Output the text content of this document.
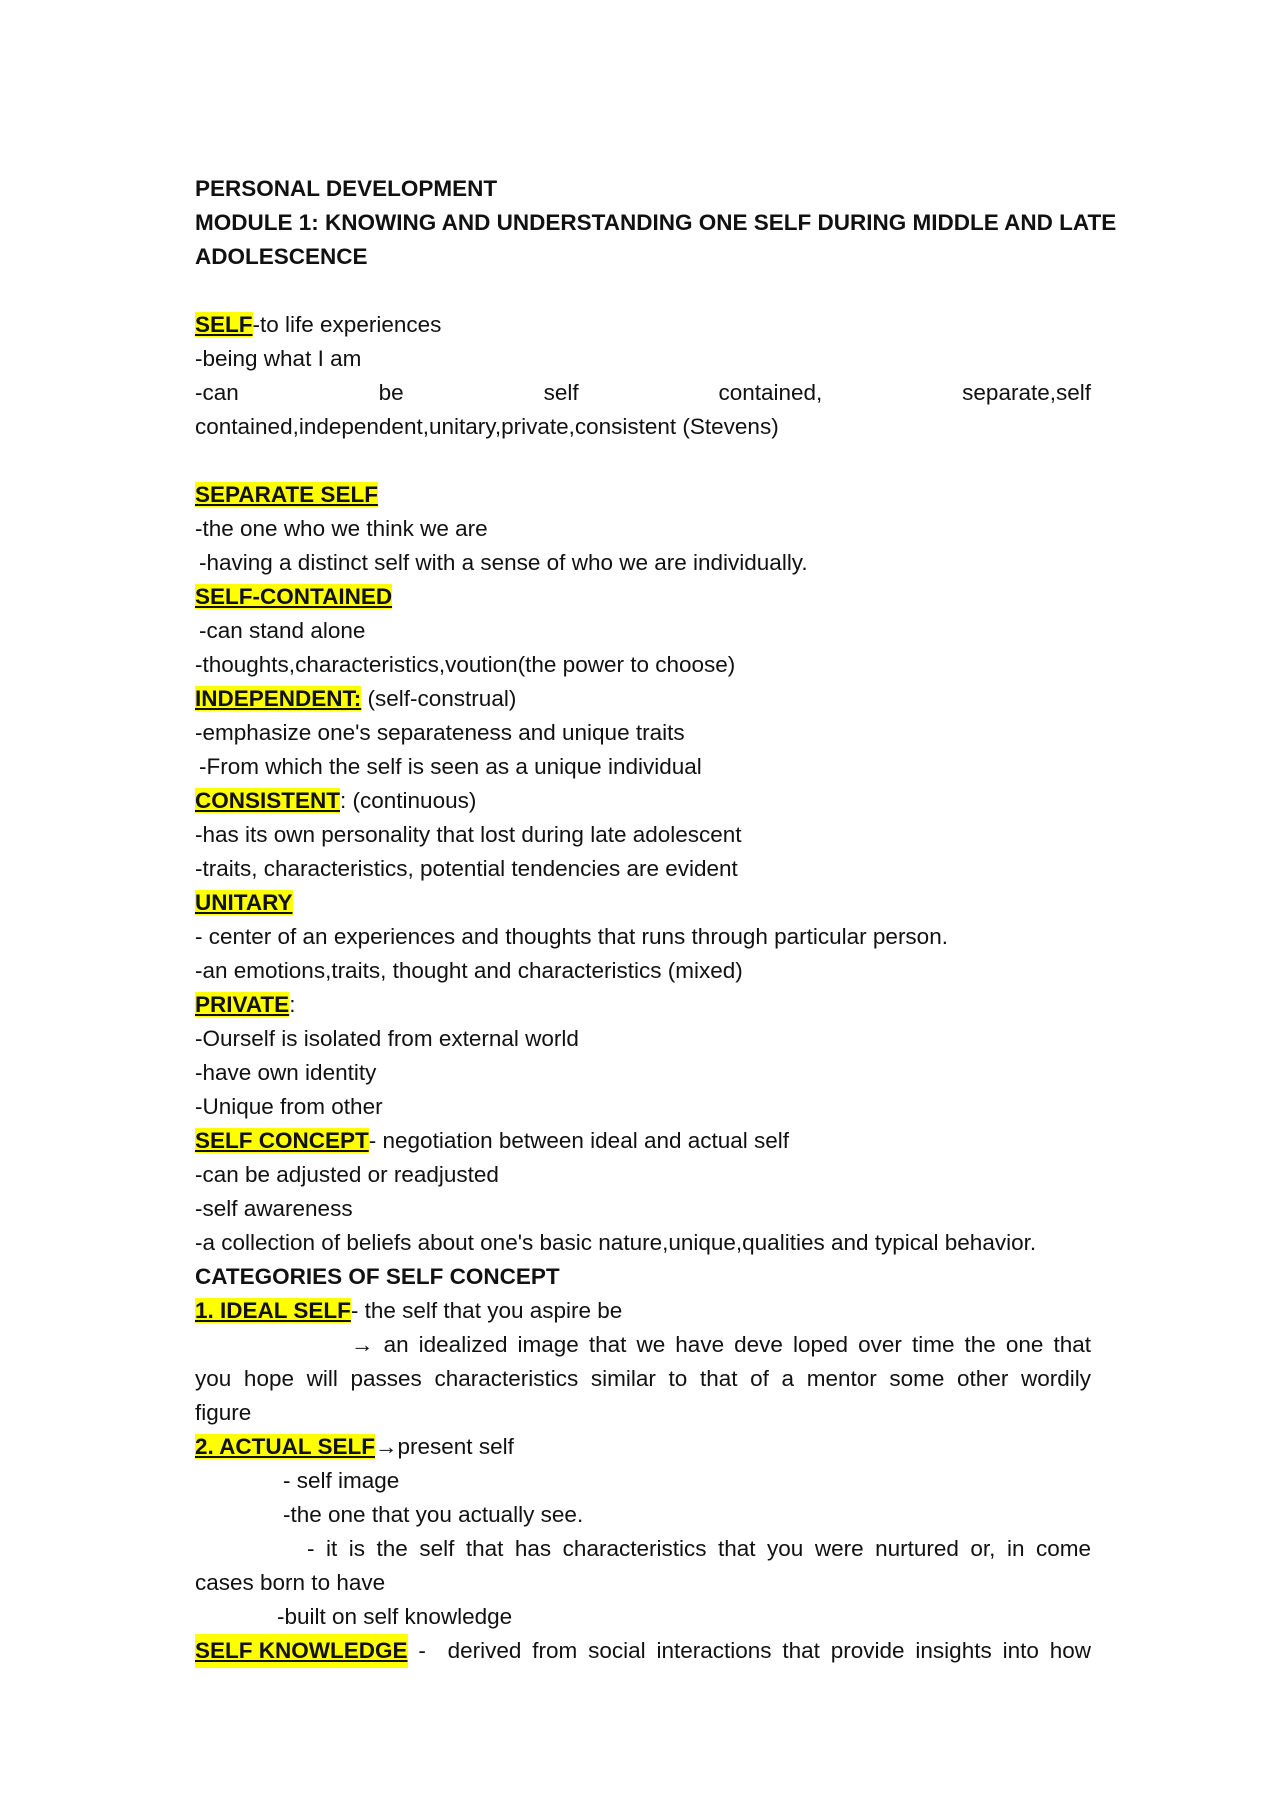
PERSONAL DEVELOPMENT
MODULE 1: KNOWING AND UNDERSTANDING ONE SELF DURING MIDDLE AND LATE
ADOLESCENCE
SELF-to life experiences
-being what I am
-can	be	self	contained,	separate,self
contained,independent,unitary,private,consistent (Stevens)
SEPARATE SELF
-the one who we think we are
-having a distinct self with a sense of who we are individually.
SELF-CONTAINED
-can stand alone
-thoughts,characteristics,voution(the power to choose)
INDEPENDENT: (self-construal)
-emphasize one's separateness and unique traits
-From which the self is seen as a unique individual
CONSISTENT: (continuous)
-has its own personality that lost during late adolescent
-traits, characteristics, potential tendencies are evident
UNITARY
- center of an experiences and thoughts that runs through particular person.
-an emotions,traits, thought and characteristics (mixed)
PRIVATE:
-Ourself is isolated from external world
-have own identity
-Unique from other
SELF CONCEPT- negotiation between ideal and actual self
-can be adjusted or readjusted
-self awareness
-a collection of beliefs about one's basic nature,unique,qualities and typical behavior.
CATEGORIES OF SELF CONCEPT
1. IDEAL SELF- the self that you aspire be
→ an idealized image that we have deve loped over time the one that
you hope will passes characteristics similar to that of a mentor some other wordily
figure
2. ACTUAL SELF→present self
- self image
-the one that you actually see.
- it is the self that has characteristics that you were nurtured or, in come
cases born to have
-built on self knowledge
SELF KNOWLEDGE -  derived from social interactions that provide insights into how
